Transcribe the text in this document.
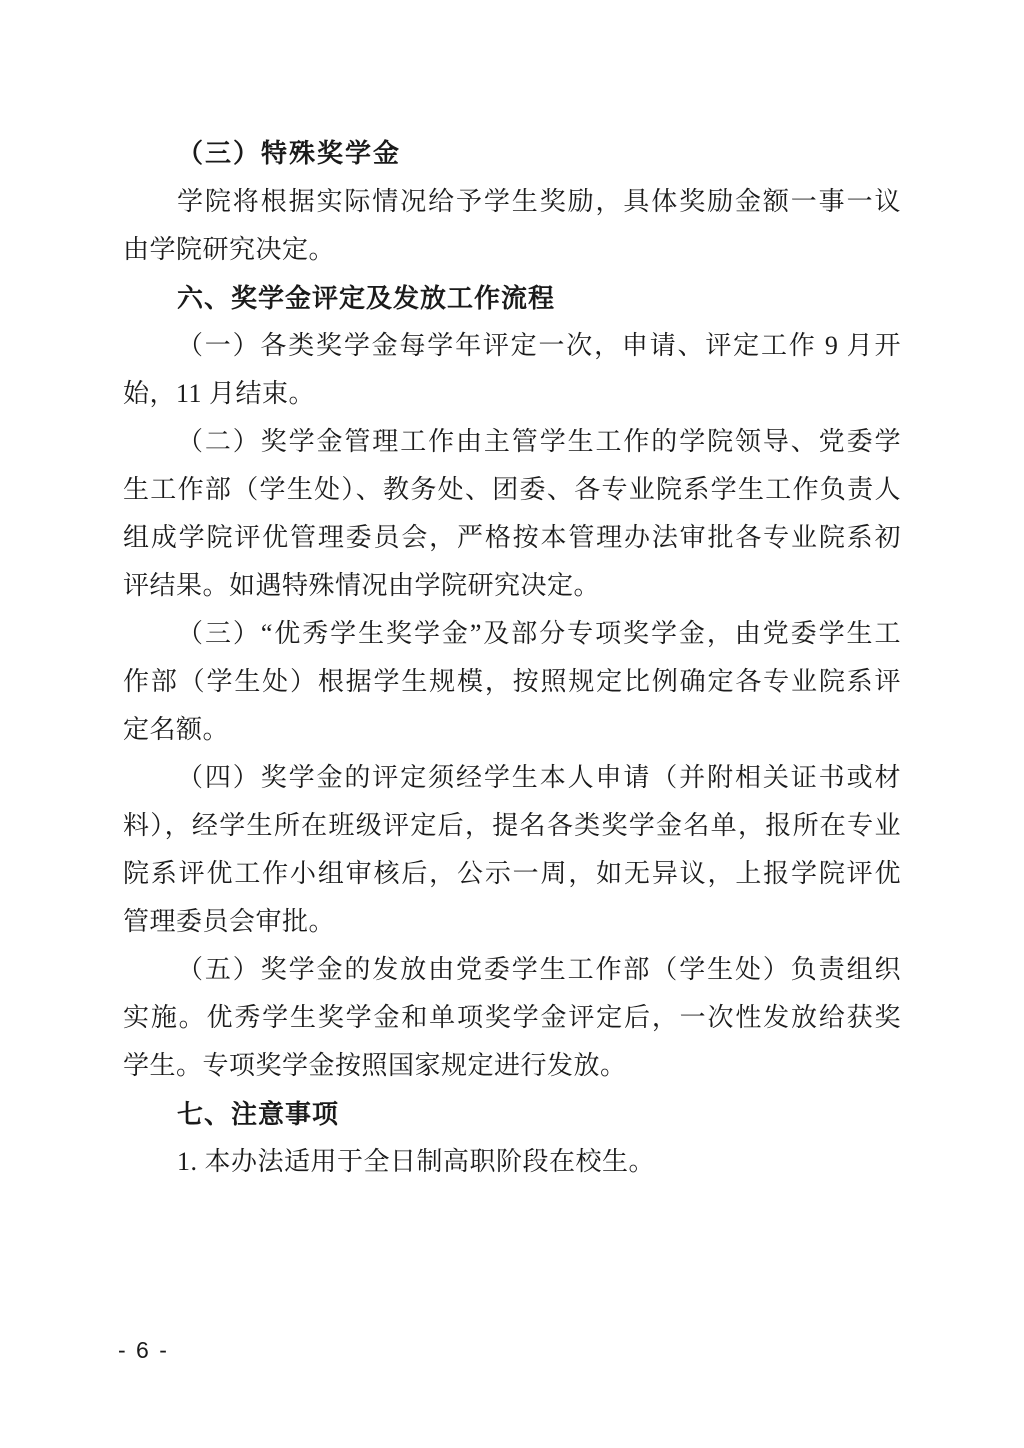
（三）特殊奖学金
学院将根据实际情况给予学生奖励，具体奖励金额一事一议
由学院研究决定。
六、奖学金评定及发放工作流程
（一）各类奖学金每学年评定一次，申请、评定工作 9 月开
始，11 月结束。
（二）奖学金管理工作由主管学生工作的学院领导、党委学
生工作部（学生处）、教务处、团委、各专业院系学生工作负责人
组成学院评优管理委员会，严格按本管理办法审批各专业院系初
评结果。如遇特殊情况由学院研究决定。
（三）“优秀学生奖学金”及部分专项奖学金，由党委学生工
作部（学生处）根据学生规模，按照规定比例确定各专业院系评
定名额。
（四）奖学金的评定须经学生本人申请（并附相关证书或材
料），经学生所在班级评定后，提名各类奖学金名单，报所在专业
院系评优工作小组审核后，公示一周，如无异议，上报学院评优
管理委员会审批。
（五）奖学金的发放由党委学生工作部（学生处）负责组织
实施。优秀学生奖学金和单项奖学金评定后，一次性发放给获奖
学生。专项奖学金按照国家规定进行发放。
七、注意事项
1. 本办法适用于全日制高职阶段在校生。
- 6 -
